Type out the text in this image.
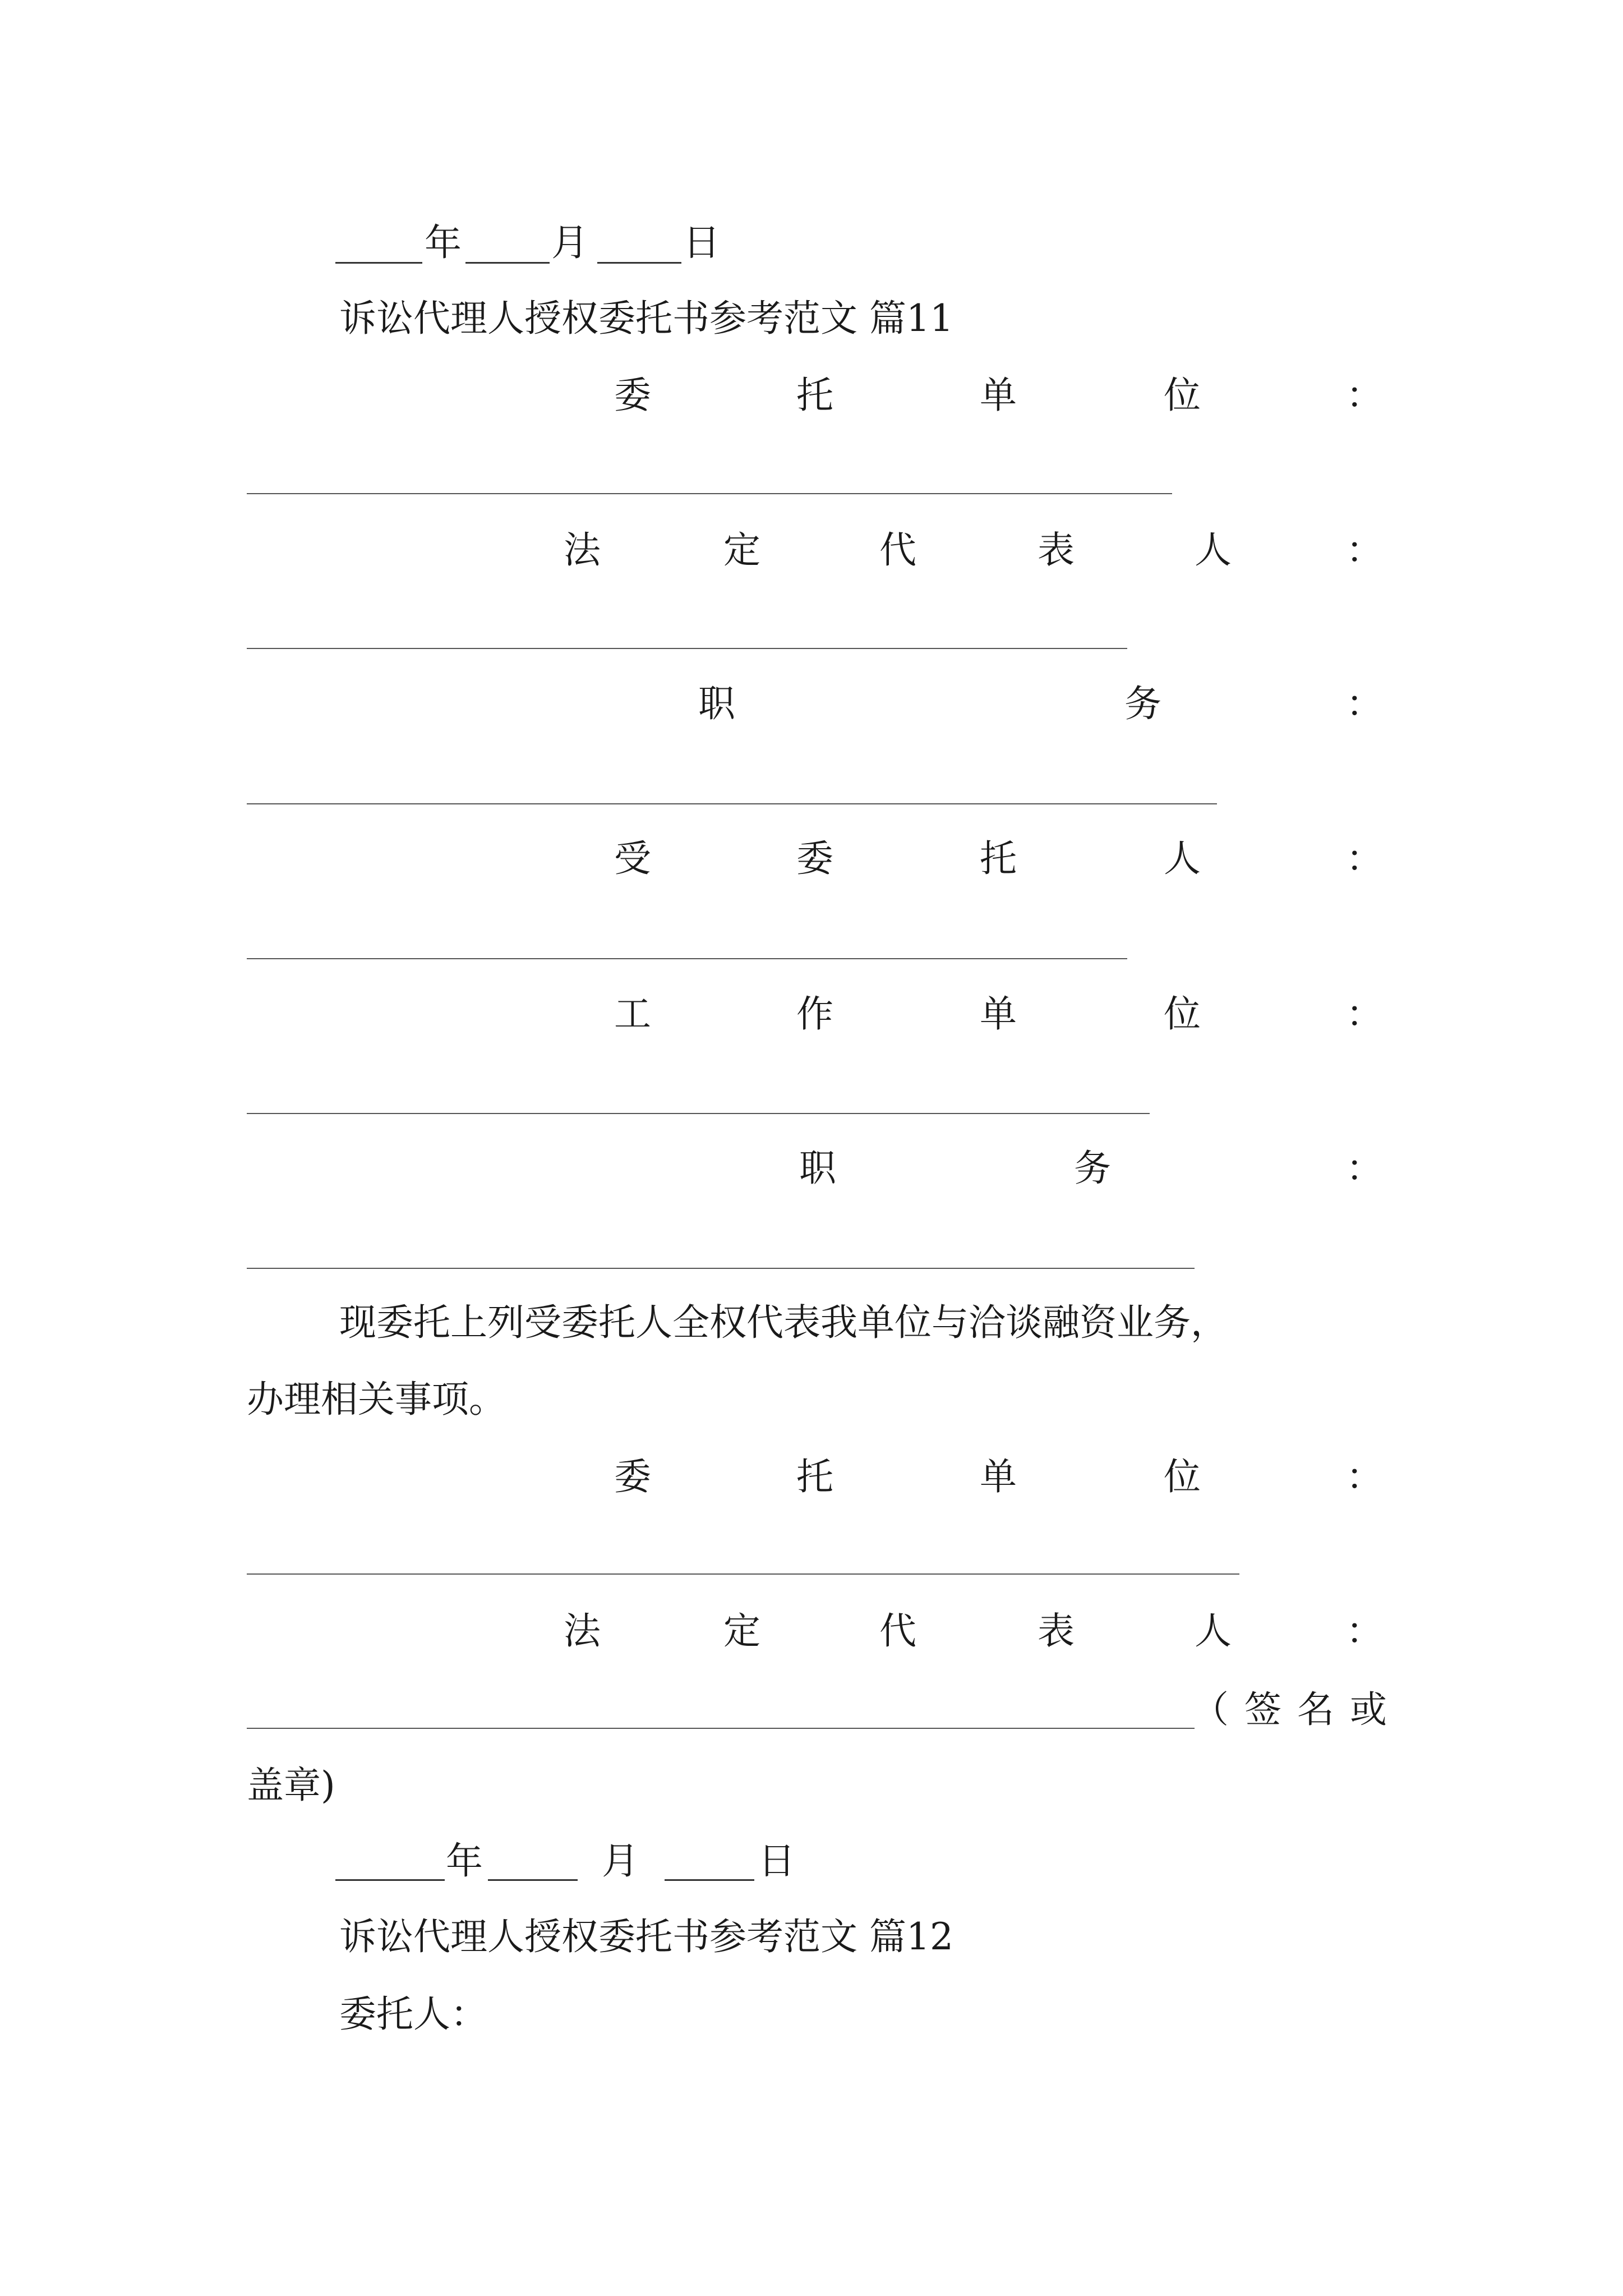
年 月	日
诉讼代理人授权委托书参考范文 篇11
委	托	单	位	：
法	定	代	表	人	：
职	务	：
受	委	托	人	：
工	作	单	位	：
职	务	：
现委托上列受委托人全权代表我单位与洽谈融资业务，
办理相关事项。
委	托	单	位	：
法	定	代	表	人	：
（签名或
盖章)
年	月	日
诉讼代理人授权委托书参考范文 篇12
委托人：
